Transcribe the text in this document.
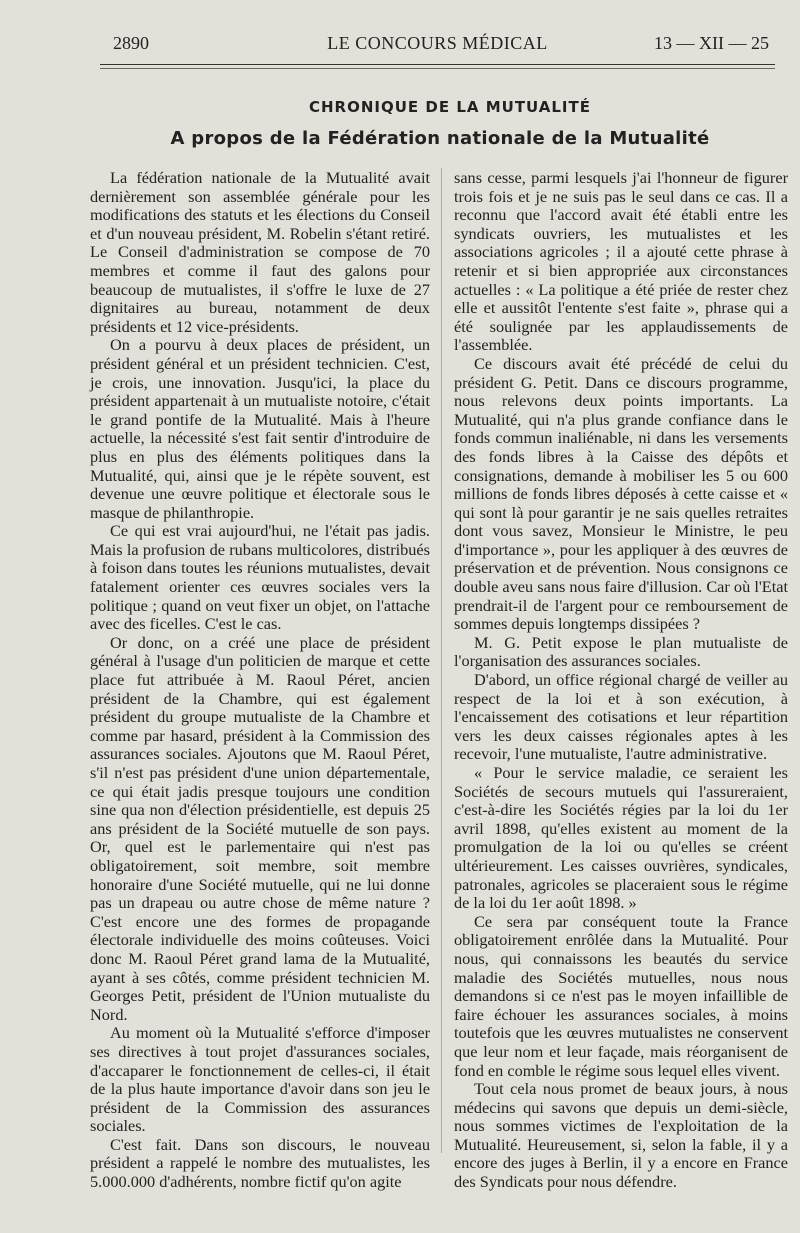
2890	LE CONCOURS MÉDICAL	13 — XII — 25
CHRONIQUE DE LA MUTUALITÉ
A propos de la Fédération nationale de la Mutualité

La fédération nationale de la Mutualité avait dernièrement son assemblée générale pour les modifications des statuts et les élections du Conseil et d'un nouveau président, M. Robelin s'étant retiré. Le Conseil d'administration se compose de 70 membres et comme il faut des galons pour beaucoup de mutualistes, il s'offre le luxe de 27 dignitaires au bureau, notamment de deux présidents et 12 vice-présidents.

On a pourvu à deux places de président, un président général et un président technicien. C'est, je crois, une innovation. Jusqu'ici, la place du président appartenait à un mutualiste notoire, c'était le grand pontife de la Mutualité. Mais à l'heure actuelle, la nécessité s'est fait sentir d'introduire de plus en plus des éléments politiques dans la Mutualité, qui, ainsi que je le répète souvent, est devenue une œuvre politique et électorale sous le masque de philanthropie.

Ce qui est vrai aujourd'hui, ne l'était pas jadis. Mais la profusion de rubans multicolores, distribués à foison dans toutes les réunions mutualistes, devait fatalement orienter ces œuvres sociales vers la politique ; quand on veut fixer un objet, on l'attache avec des ficelles. C'est le cas.

Or donc, on a créé une place de président général à l'usage d'un politicien de marque et cette place fut attribuée à M. Raoul Péret, ancien président de la Chambre, qui est également président du groupe mutualiste de la Chambre et comme par hasard, président à la Commission des assurances sociales. Ajoutons que M. Raoul Péret, s'il n'est pas président d'une union départementale, ce qui était jadis presque toujours une condition sine qua non d'élection présidentielle, est depuis 25 ans président de la Société mutuelle de son pays. Or, quel est le parlementaire qui n'est pas obligatoirement, soit membre, soit membre honoraire d'une Société mutuelle, qui ne lui donne pas un drapeau ou autre chose de même nature ? C'est encore une des formes de propagande électorale individuelle des moins coûteuses. Voici donc M. Raoul Péret grand lama de la Mutualité, ayant à ses côtés, comme président technicien M. Georges Petit, président de l'Union mutualiste du Nord.

Au moment où la Mutualité s'efforce d'imposer ses directives à tout projet d'assurances sociales, d'accaparer le fonctionnement de celles-ci, il était de la plus haute importance d'avoir dans son jeu le président de la Commission des assurances sociales.

C'est fait. Dans son discours, le nouveau président a rappelé le nombre des mutualistes, les 5.000.000 d'adhérents, nombre fictif qu'on agite

sans cesse, parmi lesquels j'ai l'honneur de figurer trois fois et je ne suis pas le seul dans ce cas. Il a reconnu que l'accord avait été établi entre les syndicats ouvriers, les mutualistes et les associations agricoles ; il a ajouté cette phrase à retenir et si bien appropriée aux circonstances actuelles : « La politique a été priée de rester chez elle et aussitôt l'entente s'est faite », phrase qui a été soulignée par les applaudissements de l'assemblée.

Ce discours avait été précédé de celui du président G. Petit. Dans ce discours programme, nous relevons deux points importants. La Mutualité, qui n'a plus grande confiance dans le fonds commun inaliénable, ni dans les versements des fonds libres à la Caisse des dépôts et consignations, demande à mobiliser les 5 ou 600 millions de fonds libres déposés à cette caisse et « qui sont là pour garantir je ne sais quelles retraites dont vous savez, Monsieur le Ministre, le peu d'importance », pour les appliquer à des œuvres de préservation et de prévention. Nous consignons ce double aveu sans nous faire d'illusion. Car où l'Etat prendrait-il de l'argent pour ce remboursement de sommes depuis longtemps dissipées ?

M. G. Petit expose le plan mutualiste de l'organisation des assurances sociales.

D'abord, un office régional chargé de veiller au respect de la loi et à son exécution, à l'encaissement des cotisations et leur répartition vers les deux caisses régionales aptes à les recevoir, l'une mutualiste, l'autre administrative.

« Pour le service maladie, ce seraient les Sociétés de secours mutuels qui l'assureraient, c'est-à-dire les Sociétés régies par la loi du 1er avril 1898, qu'elles existent au moment de la promulgation de la loi ou qu'elles se créent ultérieurement. Les caisses ouvrières, syndicales, patronales, agricoles se placeraient sous le régime de la loi du 1er août 1898. »

Ce sera par conséquent toute la France obligatoirement enrôlée dans la Mutualité. Pour nous, qui connaissons les beautés du service maladie des Sociétés mutuelles, nous nous demandons si ce n'est pas le moyen infaillible de faire échouer les assurances sociales, à moins toutefois que les œuvres mutualistes ne conservent que leur nom et leur façade, mais réorganisent de fond en comble le régime sous lequel elles vivent.

Tout cela nous promet de beaux jours, à nous médecins qui savons que depuis un demi-siècle, nous sommes victimes de l'exploitation de la Mutualité. Heureusement, si, selon la fable, il y a encore des juges à Berlin, il y a encore en France des Syndicats pour nous défendre.
